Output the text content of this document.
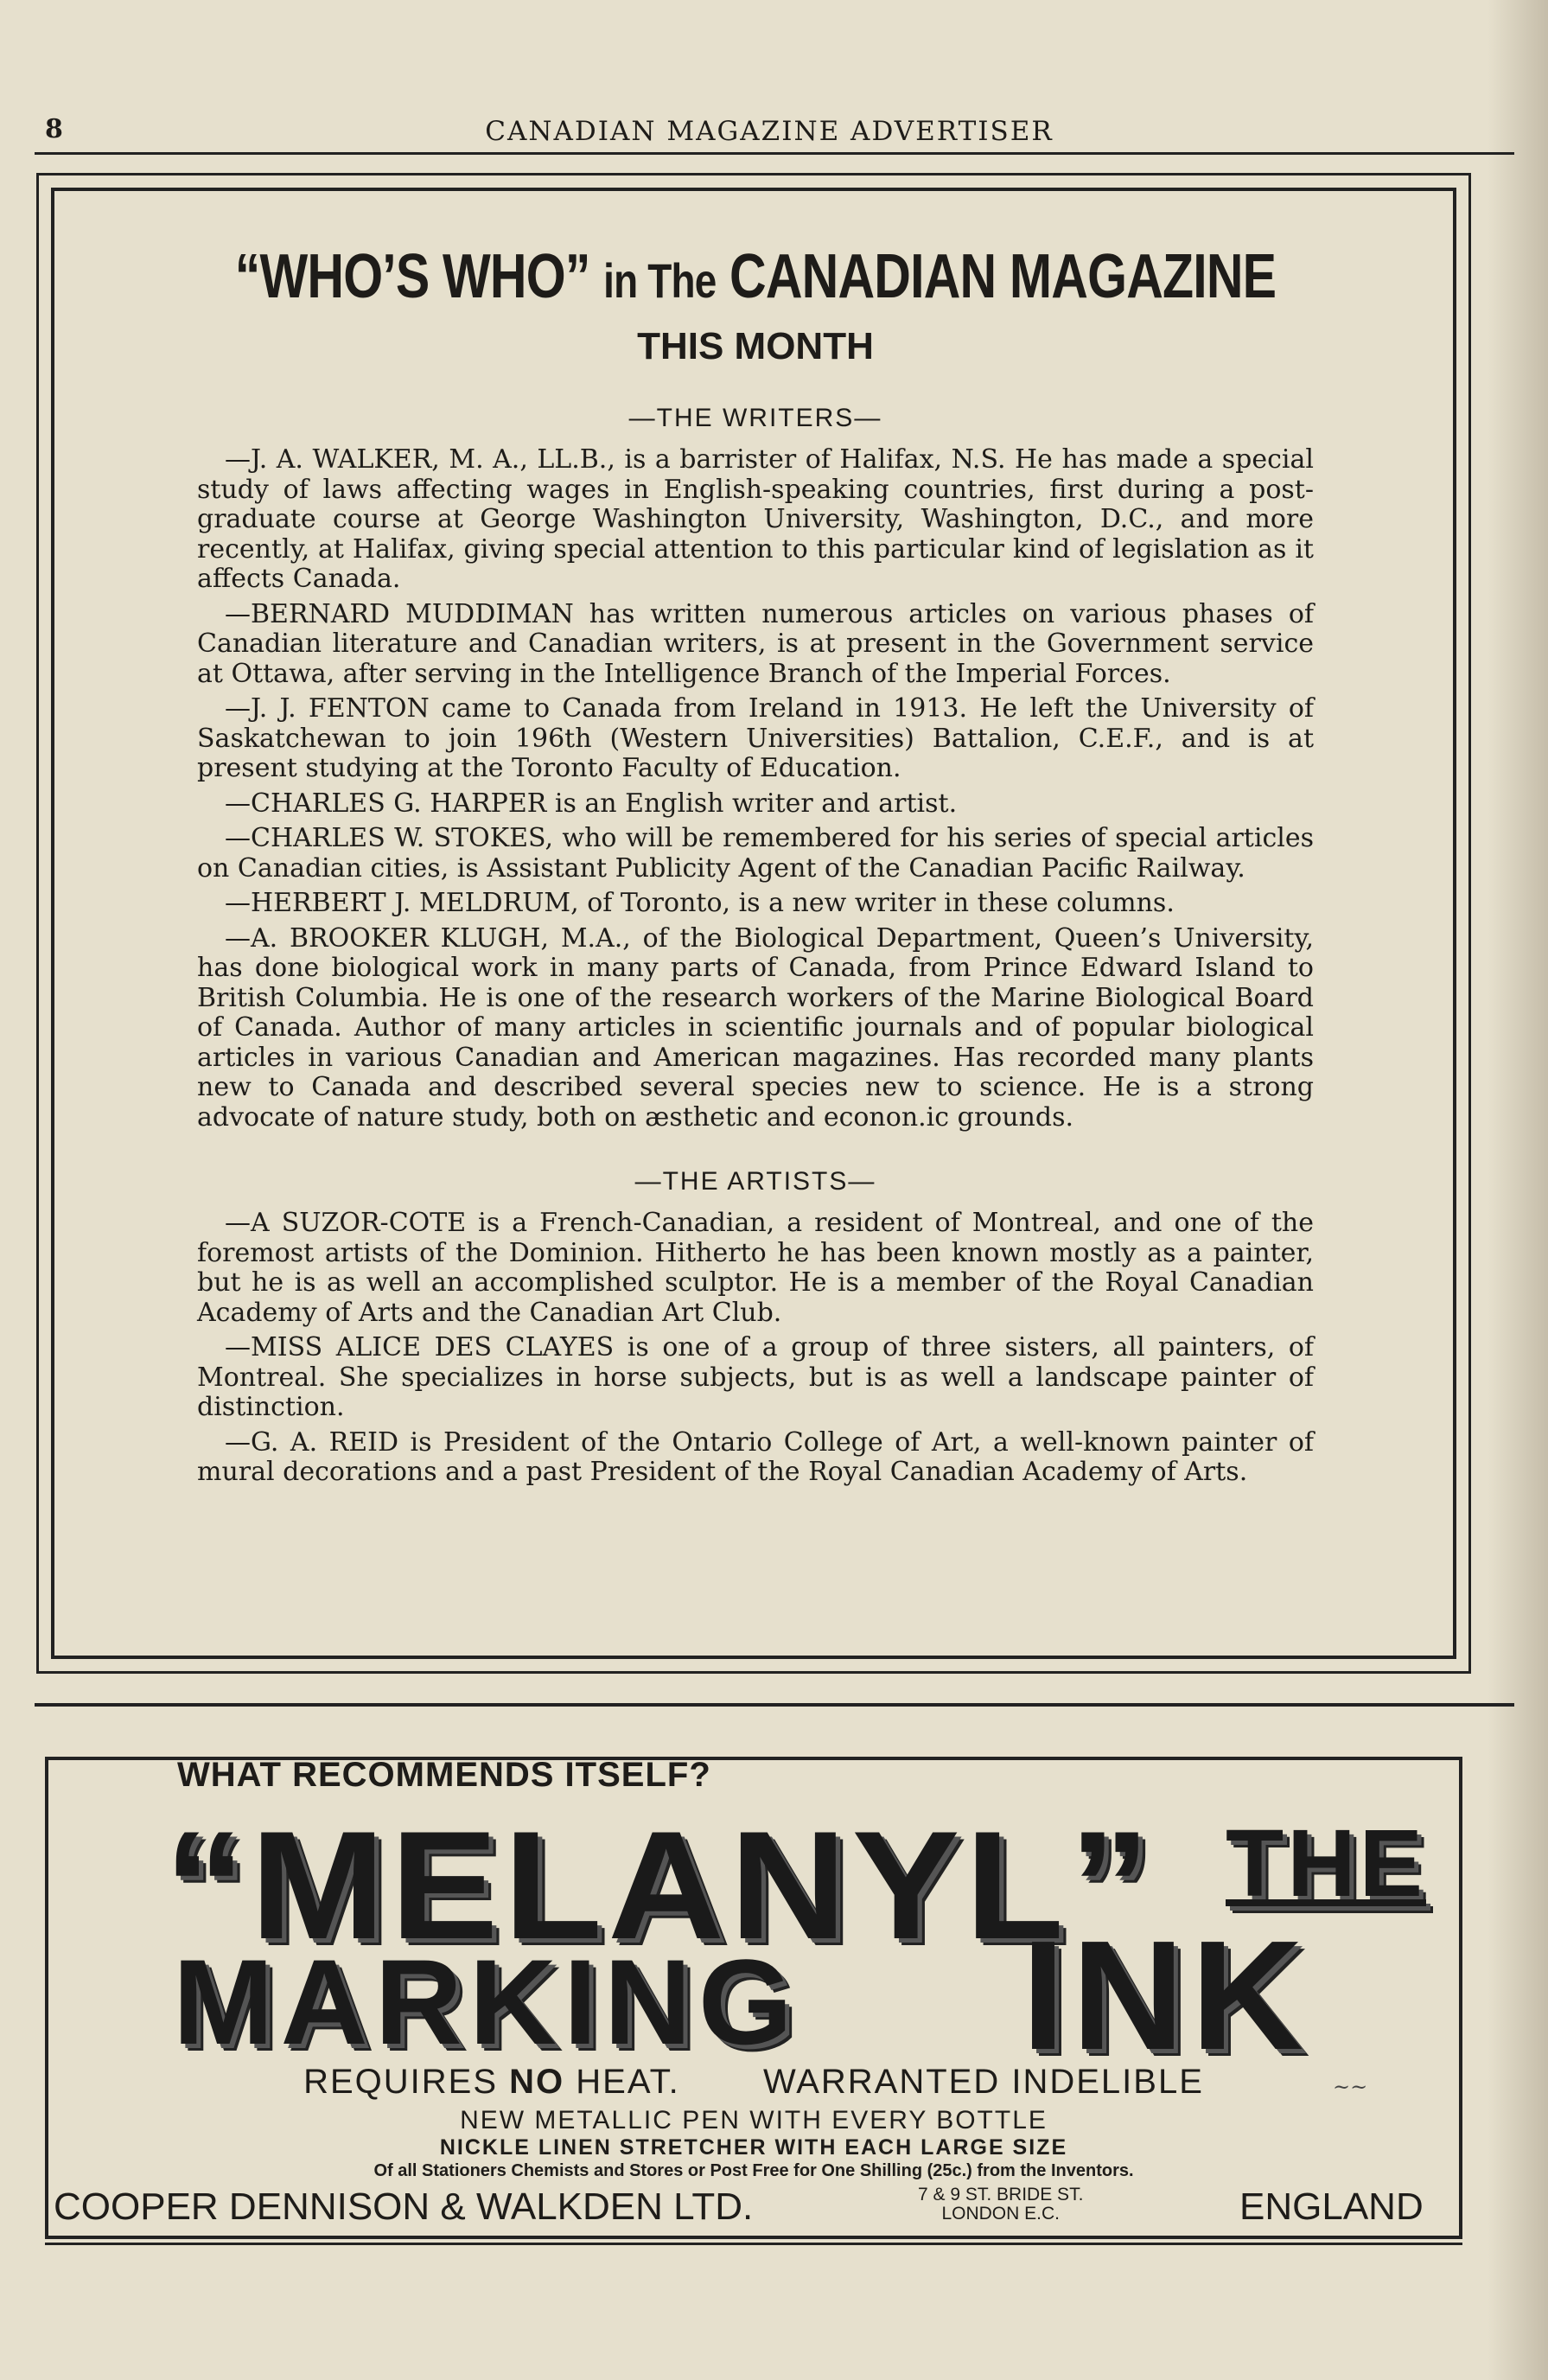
8	CANADIAN MAGAZINE ADVERTISER
“WHO’S WHO” in The CANADIAN MAGAZINE
THIS MONTH
—THE WRITERS—

—J. A. WALKER, M. A., LL.B., is a barrister of Halifax, N.S. He has made a special study of laws affecting wages in English-speaking countries, first during a post-graduate course at George Washington University, Washington, D.C., and more recently, at Halifax, giving special attention to this particular kind of legislation as it affects Canada.

—BERNARD MUDDIMAN has written numerous articles on various phases of Canadian literature and Canadian writers, is at present in the Government service at Ottawa, after serving in the Intelligence Branch of the Imperial Forces.

—J. J. FENTON came to Canada from Ireland in 1913. He left the University of Saskatchewan to join 196th (Western Universities) Battalion, C.E.F., and is at present studying at the Toronto Faculty of Education.

—CHARLES G. HARPER is an English writer and artist.

—CHARLES W. STOKES, who will be remembered for his series of special articles on Canadian cities, is Assistant Publicity Agent of the Canadian Pacific Railway.

—HERBERT J. MELDRUM, of Toronto, is a new writer in these columns.

—A. BROOKER KLUGH, M.A., of the Biological Department, Queen’s University, has done biological work in many parts of Canada, from Prince Edward Island to British Columbia. He is one of the research workers of the Marine Biological Board of Canada. Author of many articles in scientific journals and of popular biological articles in various Canadian and American magazines. Has recorded many plants new to Canada and described several species new to science. He is a strong advocate of nature study, both on æsthetic and econon.ic grounds.

—THE ARTISTS—

—A SUZOR-COTE is a French-Canadian, a resident of Montreal, and one of the foremost artists of the Dominion. Hitherto he has been known mostly as a painter, but he is as well an accomplished sculptor. He is a member of the Royal Canadian Academy of Arts and the Canadian Art Club.

—MISS ALICE DES CLAYES is one of a group of three sisters, all painters, of Montreal. She specializes in horse subjects, but is as well a landscape painter of distinction.

—G. A. REID is President of the Ontario College of Art, a well-known painter of mural decorations and a past President of the Royal Canadian Academy of Arts.

WHAT RECOMMENDS ITSELF?
“MELANYL” THE
MARKING INK
REQUIRES NO HEAT. WARRANTED INDELIBLE	~~
NEW METALLIC PEN WITH EVERY BOTTLE
NICKLE LINEN STRETCHER WITH EACH LARGE SIZE
Of all Stationers Chemists and Stores or Post Free for One Shilling (25c.) from the Inventors.
COOPER DENNISON & WALKDEN LTD.	7 & 9 ST. BRIDE ST.
LONDON E.C.	ENGLAND
